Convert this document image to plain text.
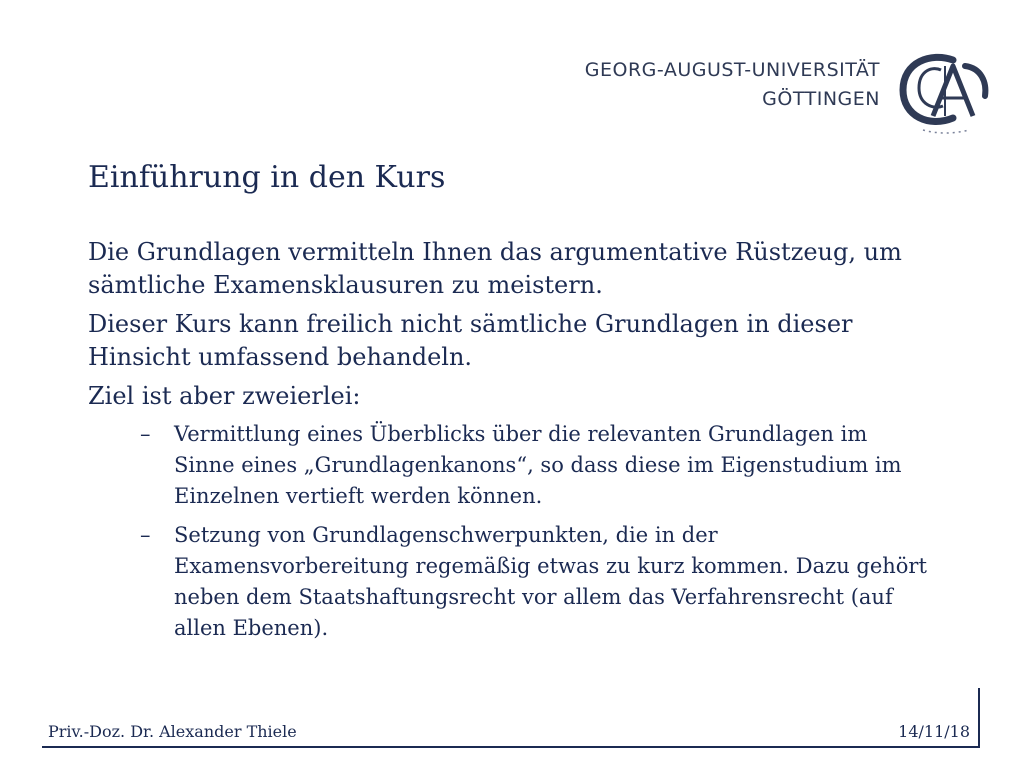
GEORG-AUGUST-UNIVERSITÄT
GÖTTINGEN
Einführung in den Kurs

Die Grundlagen vermitteln Ihnen das argumentative Rüstzeug, um sämtliche Examensklausuren zu meistern.

Dieser Kurs kann freilich nicht sämtliche Grundlagen in dieser Hinsicht umfassend behandeln.

Ziel ist aber zweierlei:

– Vermittlung eines Überblicks über die relevanten Grundlagen im Sinne eines „Grundlagenkanons“, so dass diese im Eigenstudium im Einzelnen vertieft werden können.
– Setzung von Grundlagenschwerpunkten, die in der Examensvorbereitung regemäßig etwas zu kurz kommen. Dazu gehört neben dem Staatshaftungsrecht vor allem das Verfahrensrecht (auf allen Ebenen).
Priv.-Doz. Dr. Alexander Thiele	14/11/18
